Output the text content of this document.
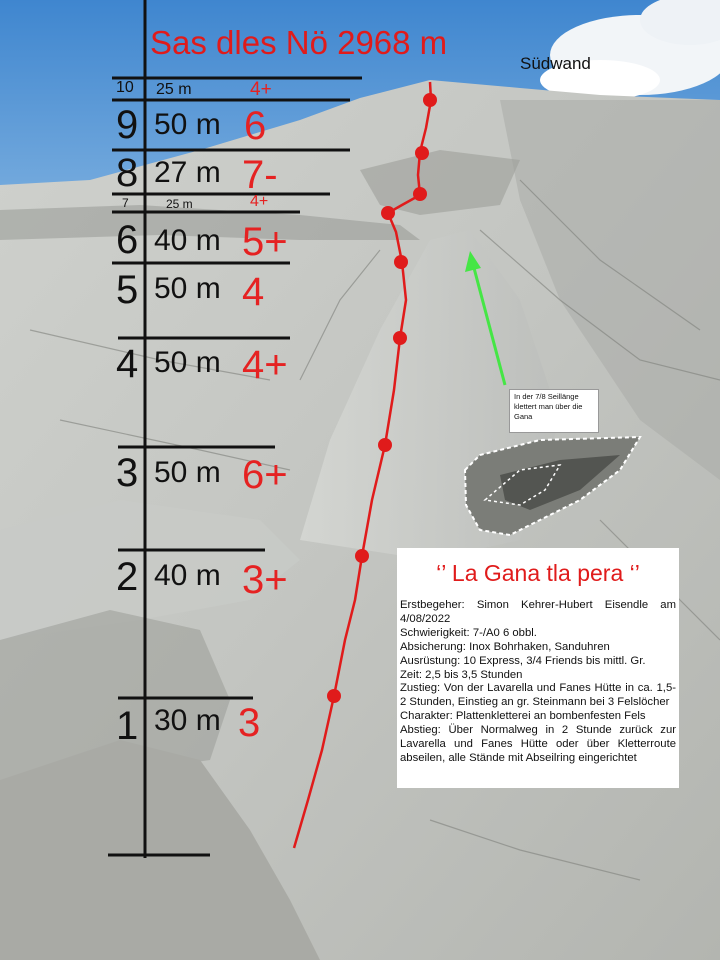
Sas dles Nö 2968 m
Südwand
10 25 m	4+
9 50 m 6
8 27 m 7-
7	25 m	4+
6 40 m 5+
5 50 m 4
4 50 m 4+
3 50 m 6+
2 40 m 3+
1 30 m 3
In der 7/8 Seillänge klettert man über die Gana
‘’ La Gana tla pera ‘’
Erstbegeher: Simon Kehrer-Hubert Eisendle am 4/08/2022
Schwierigkeit: 7-/A0 6 obbl.
Absicherung: Inox Bohrhaken, Sanduhren
Ausrüstung: 10 Express, 3/4 Friends bis mittl. Gr.
Zeit: 2,5 bis 3,5 Stunden
Zustieg: Von der Lavarella und Fanes Hütte in ca. 1,5-2 Stunden, Einstieg an gr. Steinmann bei 3 Felslöcher
Charakter: Plattenkletterei an bombenfesten Fels
Abstieg: Über Normalweg in 2 Stunde zurück zur Lavarella und Fanes Hütte oder über Kletterroute abseilen, alle Stände mit Abseilring eingerichtet
